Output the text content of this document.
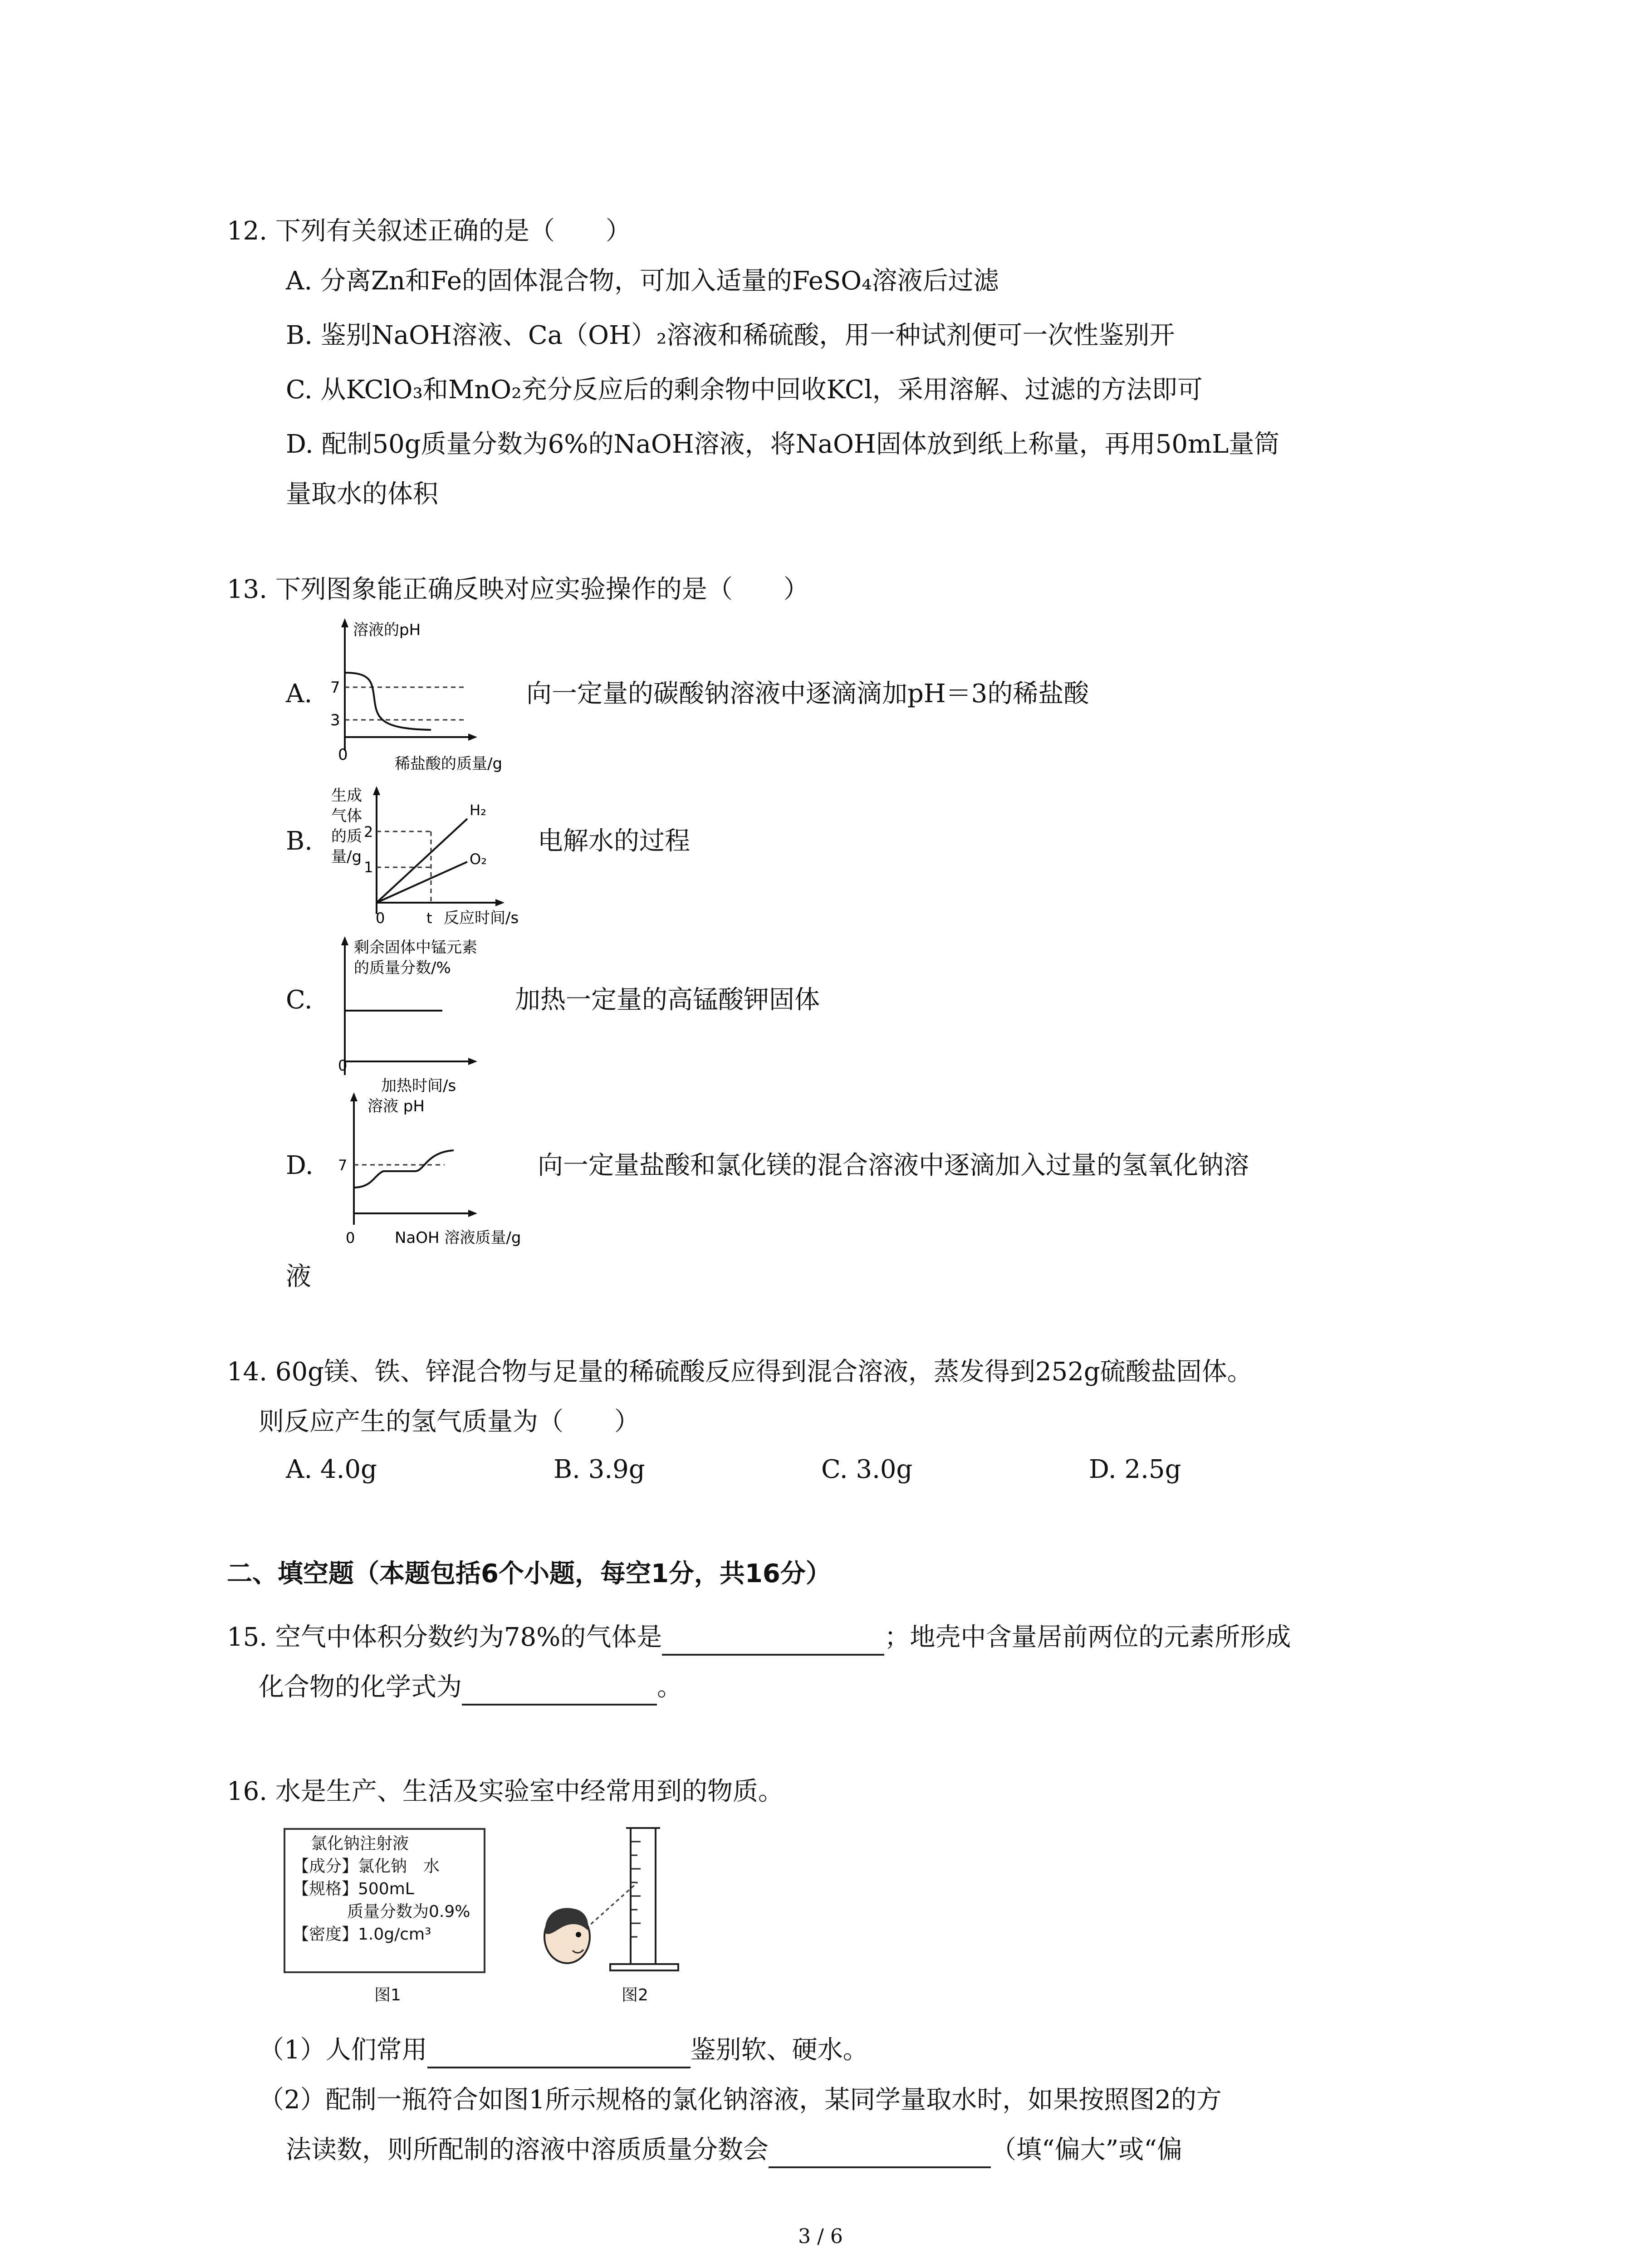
12. 下列有关叙述正确的是（　　）
A. 分离Zn和Fe的固体混合物，可加入适量的FeSO₄溶液后过滤
B. 鉴别NaOH溶液、Ca（OH）₂溶液和稀硫酸，用一种试剂便可一次性鉴别开
C. 从KClO₃和MnO₂充分反应后的剩余物中回收KCl，采用溶解、过滤的方法即可
D. 配制50g质量分数为6%的NaOH溶液，将NaOH固体放到纸上称量，再用50mL量筒
量取水的体积
13. 下列图象能正确反映对应实验操作的是（　　）
A.
溶液的pH
7
3
0	稀盐酸的质量/g
向一定量的碳酸钠溶液中逐滴滴加pH＝3的稀盐酸
B.
生成
气体
的质
量/g
2
1
0	t 反应时间/s
H₂
O₂
电解水的过程
C.
剩余固体中锰元素
的质量分数/%
0
加热时间/s
加热一定量的高锰酸钾固体
D.
溶液 pH
7
0	NaOH 溶液质量/g
向一定量盐酸和氯化镁的混合溶液中逐滴加入过量的氢氧化钠溶
液
14. 60g镁、铁、锌混合物与足量的稀硫酸反应得到混合溶液，蒸发得到252g硫酸盐固体。
则反应产生的氢气质量为（　　）
A. 4.0g	B. 3.9g	C. 3.0g	D. 2.5g
二、填空题（本题包括6个小题，每空1分，共16分）
15. 空气中体积分数约为78%的气体是	；地壳中含量居前两位的元素所形成
化合物的化学式为	。
16. 水是生产、生活及实验室中经常用到的物质。
氯化钠注射液
【成分】氯化钠　水
【规格】500mL
质量分数为0.9%
【密度】1.0g/cm³
图1	图2
（1）人们常用	鉴别软、硬水。
（2）配制一瓶符合如图1所示规格的氯化钠溶液，某同学量取水时，如果按照图2的方
法读数，则所配制的溶液中溶质质量分数会	（填“偏大”或“偏
3 / 6
